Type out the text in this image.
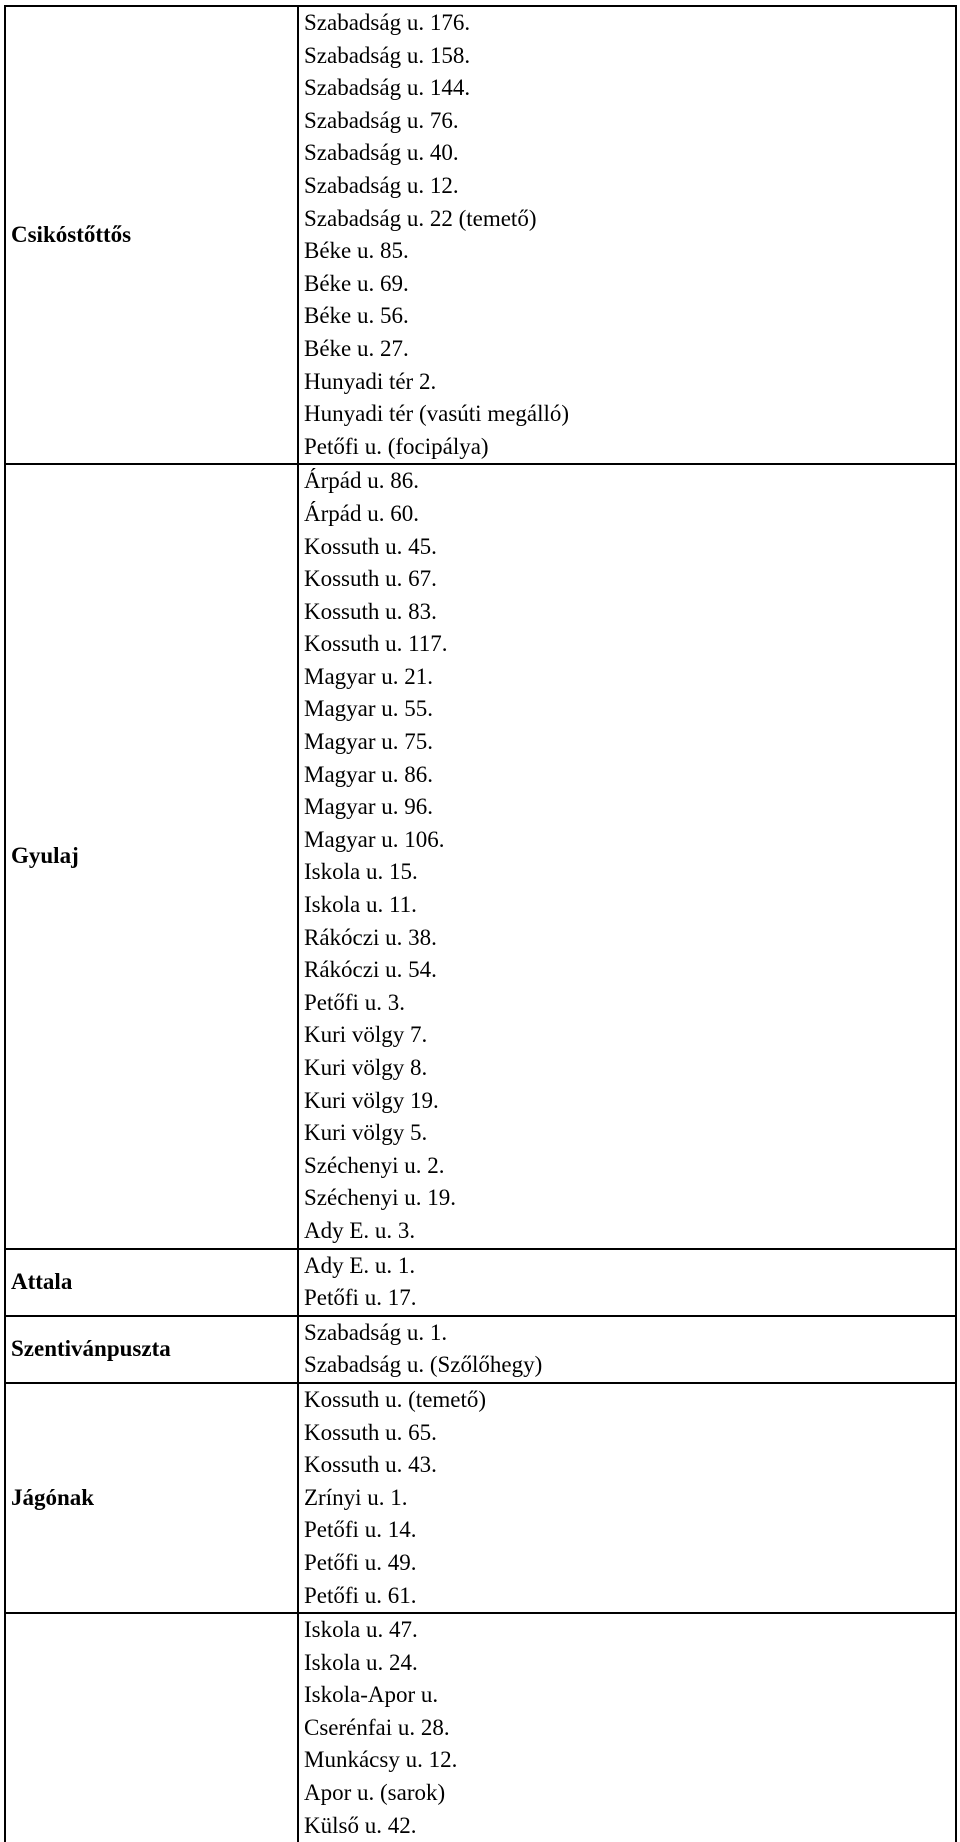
Csikóstőttős
Szabadság u. 176.
Szabadság u. 158.
Szabadság u. 144.
Szabadság u. 76.
Szabadság u. 40.
Szabadság u. 12.
Szabadság u. 22 (temető)
Béke u. 85.
Béke u. 69.
Béke u. 56.
Béke u. 27.
Hunyadi tér 2.
Hunyadi tér (vasúti megálló)
Petőfi u. (focipálya)
Gyulaj
Árpád u. 86.
Árpád u. 60.
Kossuth u. 45.
Kossuth u. 67.
Kossuth u. 83.
Kossuth u. 117.
Magyar u. 21.
Magyar u. 55.
Magyar u. 75.
Magyar u. 86.
Magyar u. 96.
Magyar u. 106.
Iskola u. 15.
Iskola u. 11.
Rákóczi u. 38.
Rákóczi u. 54.
Petőfi u. 3.
Kuri völgy 7.
Kuri völgy 8.
Kuri völgy 19.
Kuri völgy 5.
Széchenyi u. 2.
Széchenyi u. 19.
Ady E. u. 3.
Attala
Ady E. u. 1.
Petőfi u. 17.
Szentivánpuszta
Szabadság u. 1.
Szabadság u. (Szőlőhegy)
Jágónak
Kossuth u. (temető)
Kossuth u. 65.
Kossuth u. 43.
Zrínyi u. 1.
Petőfi u. 14.
Petőfi u. 49.
Petőfi u. 61.
Iskola u. 47.
Iskola u. 24.
Iskola-Apor u.
Cserénfai u. 28.
Munkácsy u. 12.
Apor u. (sarok)
Külső u. 42.
